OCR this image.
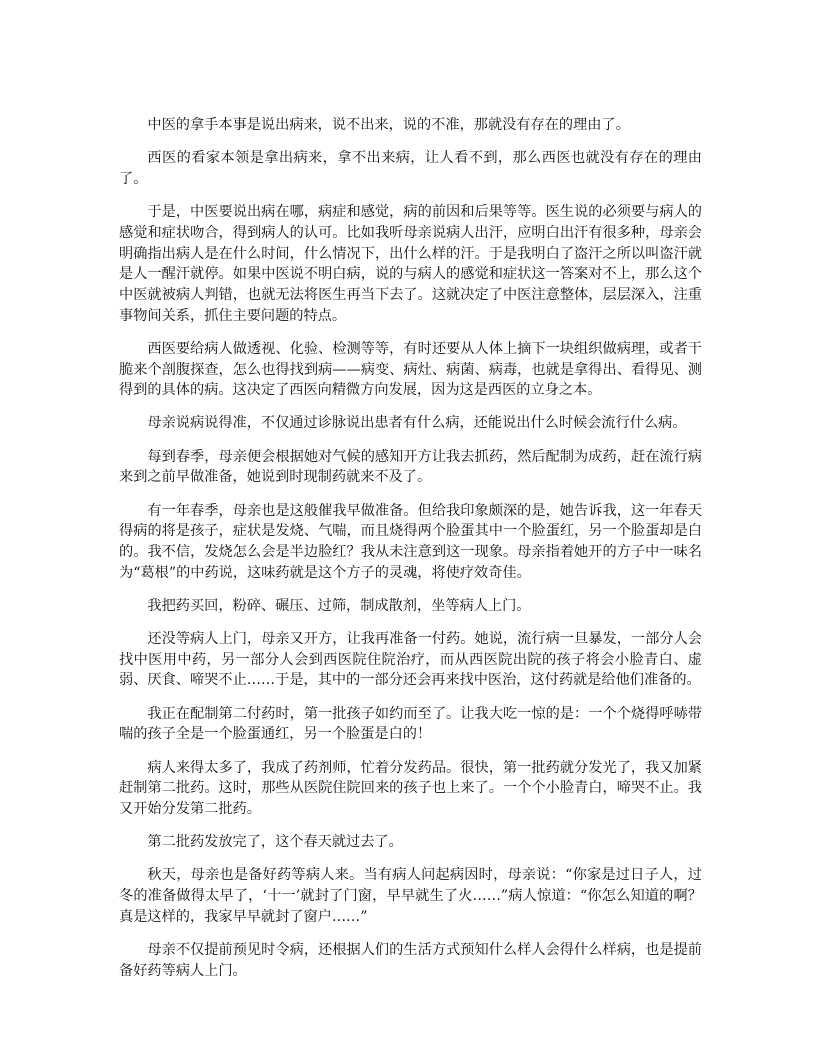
中医的拿手本事是说出病来，说不出来，说的不准，那就没有存在的理由了。

西医的看家本领是拿出病来，拿不出来病，让人看不到，那么西医也就没有存在的理由了。

于是，中医要说出病在哪，病症和感觉，病的前因和后果等等。医生说的必须要与病人的感觉和症状吻合，得到病人的认可。比如我听母亲说病人出汗，应明白出汗有很多种，母亲会明确指出病人是在什么时间，什么情况下，出什么样的汗。于是我明白了盗汗之所以叫盗汗就是人一醒汗就停。如果中医说不明白病，说的与病人的感觉和症状这一答案对不上，那么这个中医就被病人判错，也就无法将医生再当下去了。这就决定了中医注意整体，层层深入，注重事物间关系，抓住主要问题的特点。

西医要给病人做透视、化验、检测等等，有时还要从人体上摘下一块组织做病理，或者干脆来个剖腹探查，怎么也得找到病——病变、病灶、病菌、病毒，也就是拿得出、看得见、测得到的具体的病。这决定了西医向精微方向发展，因为这是西医的立身之本。

母亲说病说得准，不仅通过诊脉说出患者有什么病，还能说出什么时候会流行什么病。

每到春季，母亲便会根据她对气候的感知开方让我去抓药，然后配制为成药，赶在流行病来到之前早做准备，她说到时现制药就来不及了。

有一年春季，母亲也是这般催我早做准备。但给我印象颇深的是，她告诉我，这一年春天得病的将是孩子，症状是发烧、气喘，而且烧得两个脸蛋其中一个脸蛋红，另一个脸蛋却是白的。我不信，发烧怎么会是半边脸红？我从未注意到这一现象。母亲指着她开的方子中一味名为“葛根”的中药说，这味药就是这个方子的灵魂，将使疗效奇佳。

我把药买回，粉碎、碾压、过筛，制成散剂，坐等病人上门。

还没等病人上门，母亲又开方，让我再准备一付药。她说，流行病一旦暴发，一部分人会找中医用中药，另一部分人会到西医院住院治疗，而从西医院出院的孩子将会小脸青白、虚弱、厌食、啼哭不止……于是，其中的一部分还会再来找中医治，这付药就是给他们准备的。

我正在配制第二付药时，第一批孩子如约而至了。让我大吃一惊的是：一个个烧得呼哧带喘的孩子全是一个脸蛋通红，另一个脸蛋是白的！

病人来得太多了，我成了药剂师，忙着分发药品。很快，第一批药就分发光了，我又加紧赶制第二批药。这时，那些从医院住院回来的孩子也上来了。一个个小脸青白，啼哭不止。我又开始分发第二批药。

第二批药发放完了，这个春天就过去了。

秋天，母亲也是备好药等病人来。当有病人问起病因时，母亲说：“你家是过日子人，过冬的准备做得太早了，‘十一’就封了门窗，早早就生了火……”病人惊道：“你怎么知道的啊？真是这样的，我家早早就封了窗户……”

母亲不仅提前预见时令病，还根据人们的生活方式预知什么样人会得什么样病，也是提前备好药等病人上门。
